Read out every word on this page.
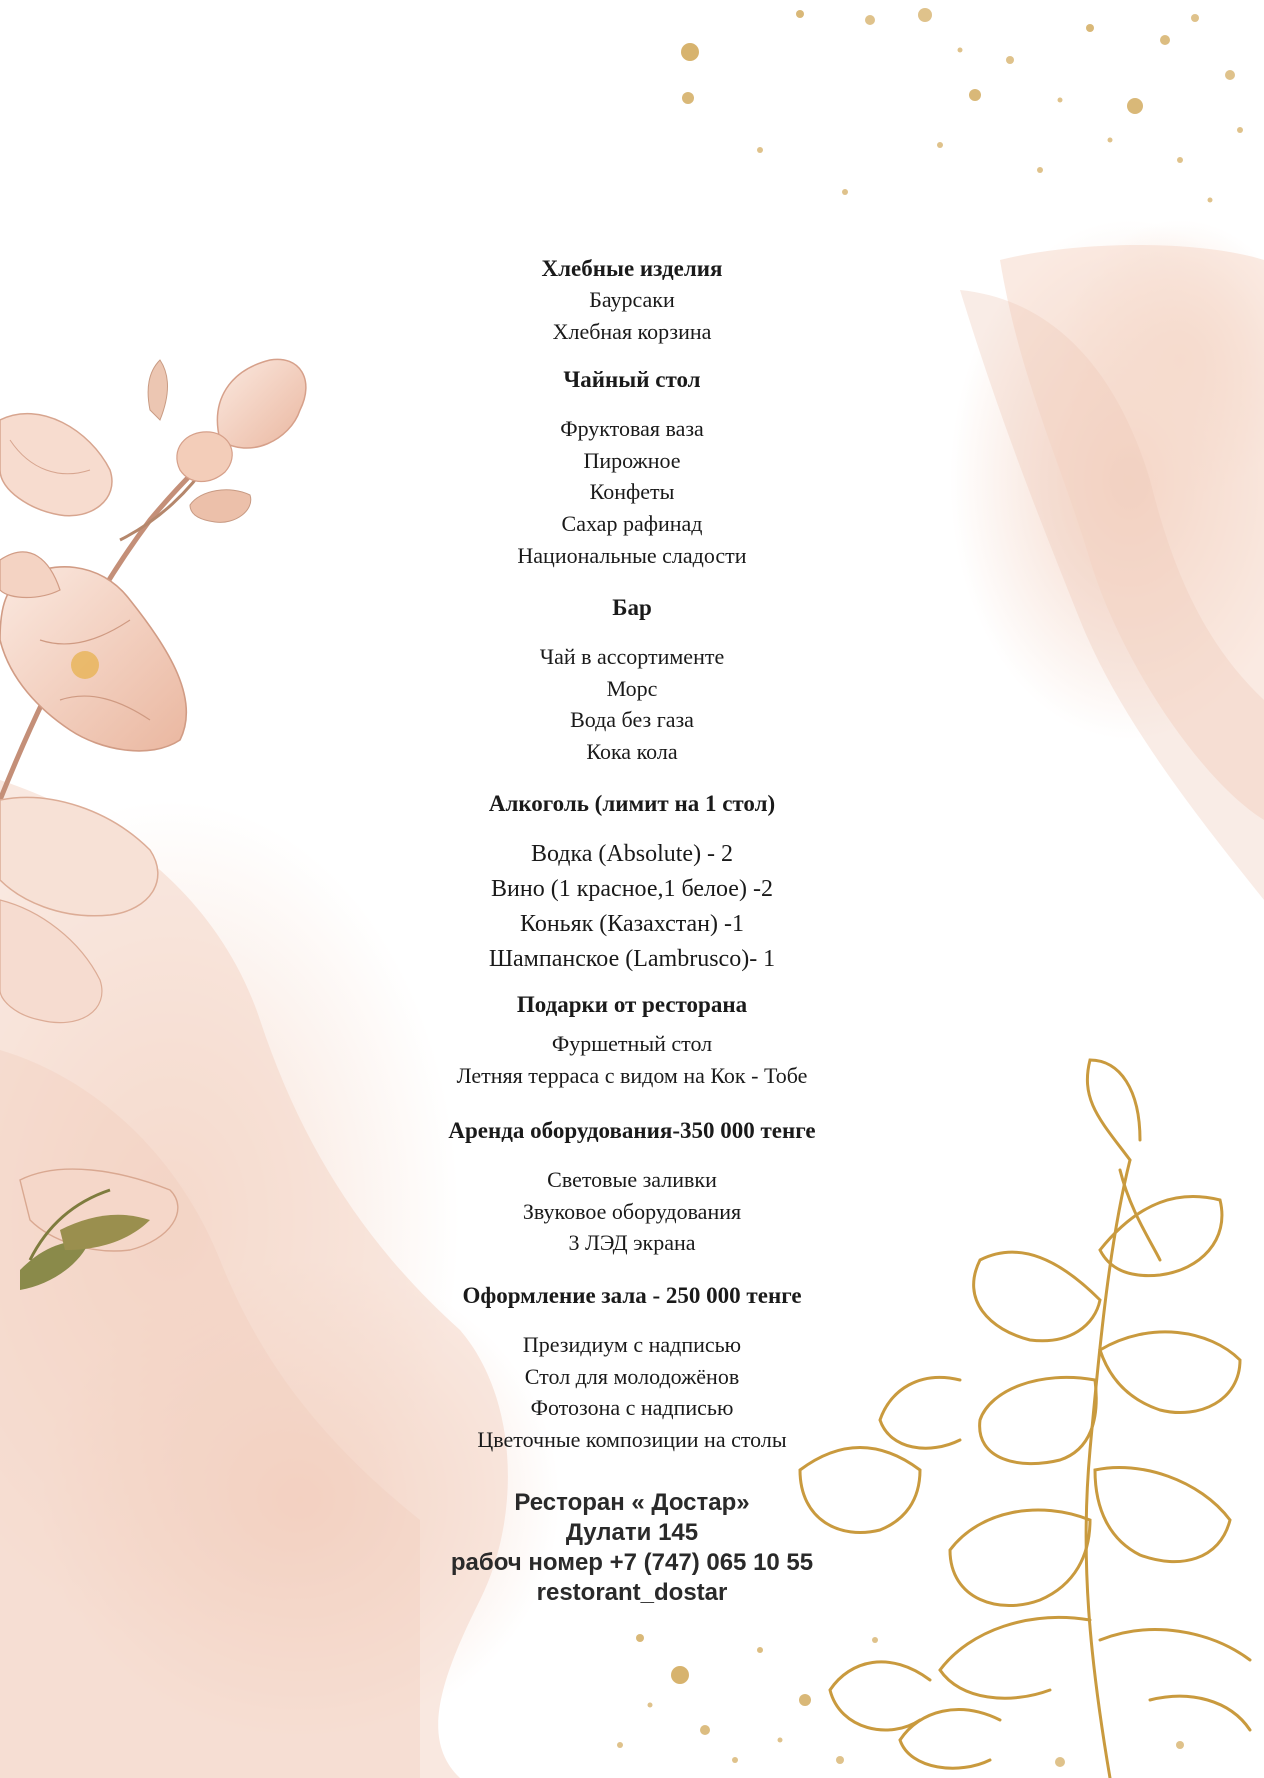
Хлебные изделия
Баурсаки
Хлебная корзина
Чайный стол
Фруктовая ваза
Пирожное
Конфеты
Сахар рафинад
Национальные сладости
Бар
Чай в ассортименте
Морс
Вода без газа
Кока кола
Алкоголь (лимит на 1 стол)
Водка (Absolute) - 2
Вино (1 красное,1 белое) -2
Коньяк (Казахстан) -1
Шампанское (Lambrusco)- 1
Подарки от ресторана
Фуршетный стол
Летняя терраса с видом на Кок - Тобе
Аренда оборудования-350 000 тенге
Световые заливки
Звуковое оборудования
3 ЛЭД экрана
Оформление зала - 250 000 тенге
Президиум с надписью
Стол для молодожёнов
Фотозона с надписью
Цветочные композиции на столы
Ресторан « Достар»
Дулати 145
рабоч номер +7 (747) 065 10 55
restorant_dostar
